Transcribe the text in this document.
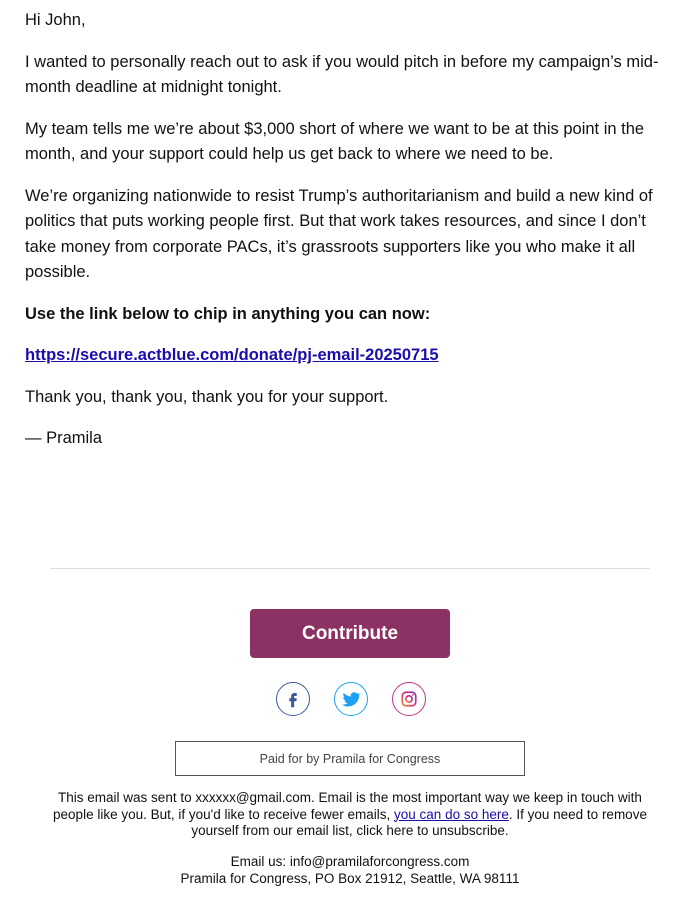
Hi John,

I wanted to personally reach out to ask if you would pitch in before my campaign’s mid-month deadline at midnight tonight.

My team tells me we’re about $3,000 short of where we want to be at this point in the month, and your support could help us get back to where we need to be.

We’re organizing nationwide to resist Trump’s authoritarianism and build a new kind of politics that puts working people first. But that work takes resources, and since I don’t take money from corporate PACs, it’s grassroots supporters like you who make it all possible.

Use the link below to chip in anything you can now:

https://secure.actblue.com/donate/pj-email-20250715

Thank you, thank you, thank you for your support.

— Pramila

Contribute
Paid for by Pramila for Congress
This email was sent to xxxxxx@gmail.com. Email is the most important way we keep in touch with people like you. But, if you'd like to receive fewer emails, you can do so here. If you need to remove yourself from our email list, click here to unsubscribe.
Email us: info@pramilaforcongress.com
Pramila for Congress, PO Box 21912, Seattle, WA 98111
